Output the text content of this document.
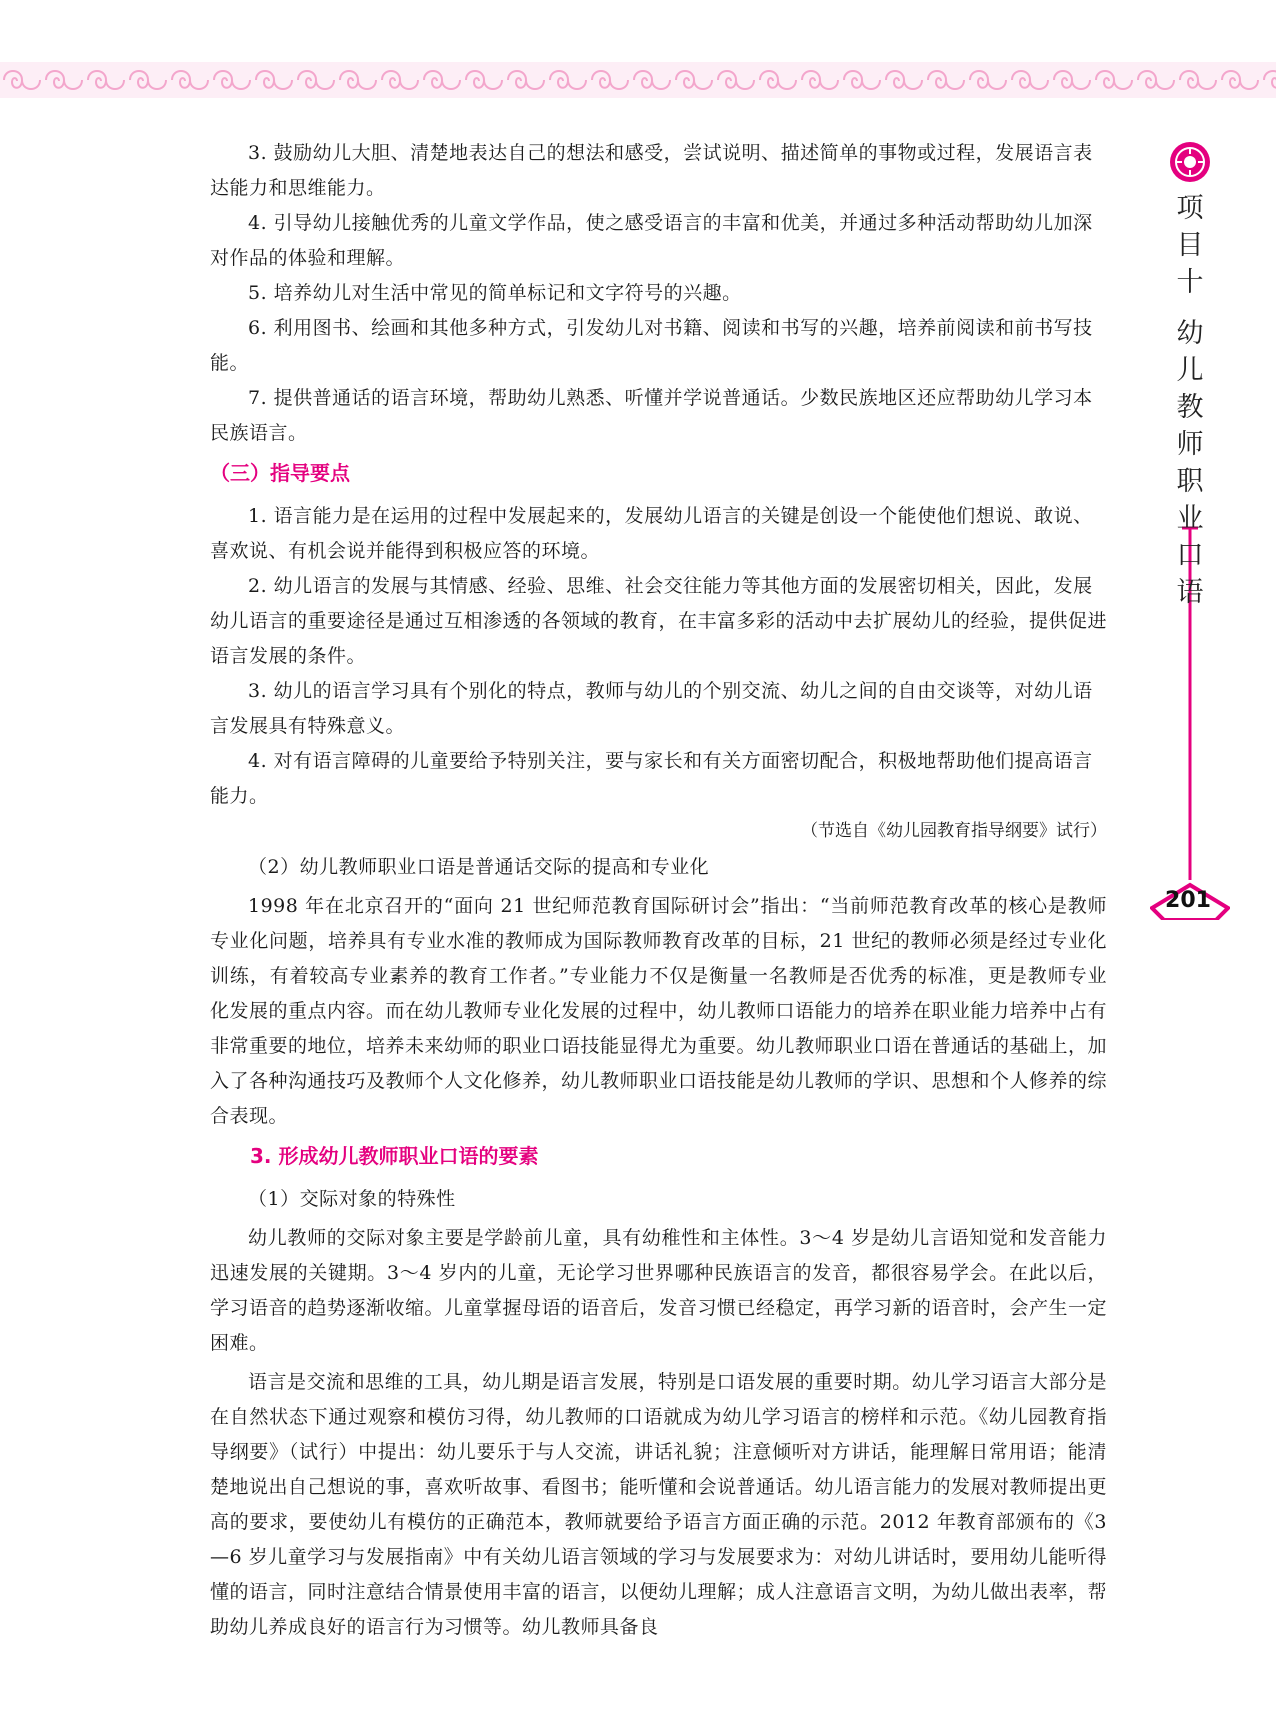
项目十
幼儿教师职业口语
201

3. 鼓励幼儿大胆、清楚地表达自己的想法和感受，尝试说明、描述简单的事物或过程，发展语言表达能力和思维能力。

4. 引导幼儿接触优秀的儿童文学作品，使之感受语言的丰富和优美，并通过多种活动帮助幼儿加深对作品的体验和理解。

5. 培养幼儿对生活中常见的简单标记和文字符号的兴趣。

6. 利用图书、绘画和其他多种方式，引发幼儿对书籍、阅读和书写的兴趣，培养前阅读和前书写技能。

7. 提供普通话的语言环境，帮助幼儿熟悉、听懂并学说普通话。少数民族地区还应帮助幼儿学习本民族语言。

（三）指导要点

1. 语言能力是在运用的过程中发展起来的，发展幼儿语言的关键是创设一个能使他们想说、敢说、喜欢说、有机会说并能得到积极应答的环境。

2. 幼儿语言的发展与其情感、经验、思维、社会交往能力等其他方面的发展密切相关，因此，发展幼儿语言的重要途径是通过互相渗透的各领域的教育，在丰富多彩的活动中去扩展幼儿的经验，提供促进语言发展的条件。

3. 幼儿的语言学习具有个别化的特点，教师与幼儿的个别交流、幼儿之间的自由交谈等，对幼儿语言发展具有特殊意义。

4. 对有语言障碍的儿童要给予特别关注，要与家长和有关方面密切配合，积极地帮助他们提高语言能力。

（节选自《幼儿园教育指导纲要》试行）

（2）幼儿教师职业口语是普通话交际的提高和专业化

1998 年在北京召开的“面向 21 世纪师范教育国际研讨会”指出：“当前师范教育改革的核心是教师专业化问题，培养具有专业水准的教师成为国际教师教育改革的目标，21 世纪的教师必须是经过专业化训练，有着较高专业素养的教育工作者。”专业能力不仅是衡量一名教师是否优秀的标准，更是教师专业化发展的重点内容。而在幼儿教师专业化发展的过程中，幼儿教师口语能力的培养在职业能力培养中占有非常重要的地位，培养未来幼师的职业口语技能显得尤为重要。幼儿教师职业口语在普通话的基础上，加入了各种沟通技巧及教师个人文化修养，幼儿教师职业口语技能是幼儿教师的学识、思想和个人修养的综合表现。

3. 形成幼儿教师职业口语的要素

（1）交际对象的特殊性

幼儿教师的交际对象主要是学龄前儿童，具有幼稚性和主体性。3～4 岁是幼儿言语知觉和发音能力迅速发展的关键期。3～4 岁内的儿童，无论学习世界哪种民族语言的发音，都很容易学会。在此以后，学习语音的趋势逐渐收缩。儿童掌握母语的语音后，发音习惯已经稳定，再学习新的语音时，会产生一定困难。

语言是交流和思维的工具，幼儿期是语言发展，特别是口语发展的重要时期。幼儿学习语言大部分是在自然状态下通过观察和模仿习得，幼儿教师的口语就成为幼儿学习语言的榜样和示范。《幼儿园教育指导纲要》（试行）中提出：幼儿要乐于与人交流，讲话礼貌；注意倾听对方讲话，能理解日常用语；能清楚地说出自己想说的事，喜欢听故事、看图书；能听懂和会说普通话。幼儿语言能力的发展对教师提出更高的要求，要使幼儿有模仿的正确范本，教师就要给予语言方面正确的示范。2012 年教育部颁布的《3—6 岁儿童学习与发展指南》中有关幼儿语言领域的学习与发展要求为：对幼儿讲话时，要用幼儿能听得懂的语言，同时注意结合情景使用丰富的语言，以便幼儿理解；成人注意语言文明，为幼儿做出表率，帮助幼儿养成良好的语言行为习惯等。幼儿教师具备良
